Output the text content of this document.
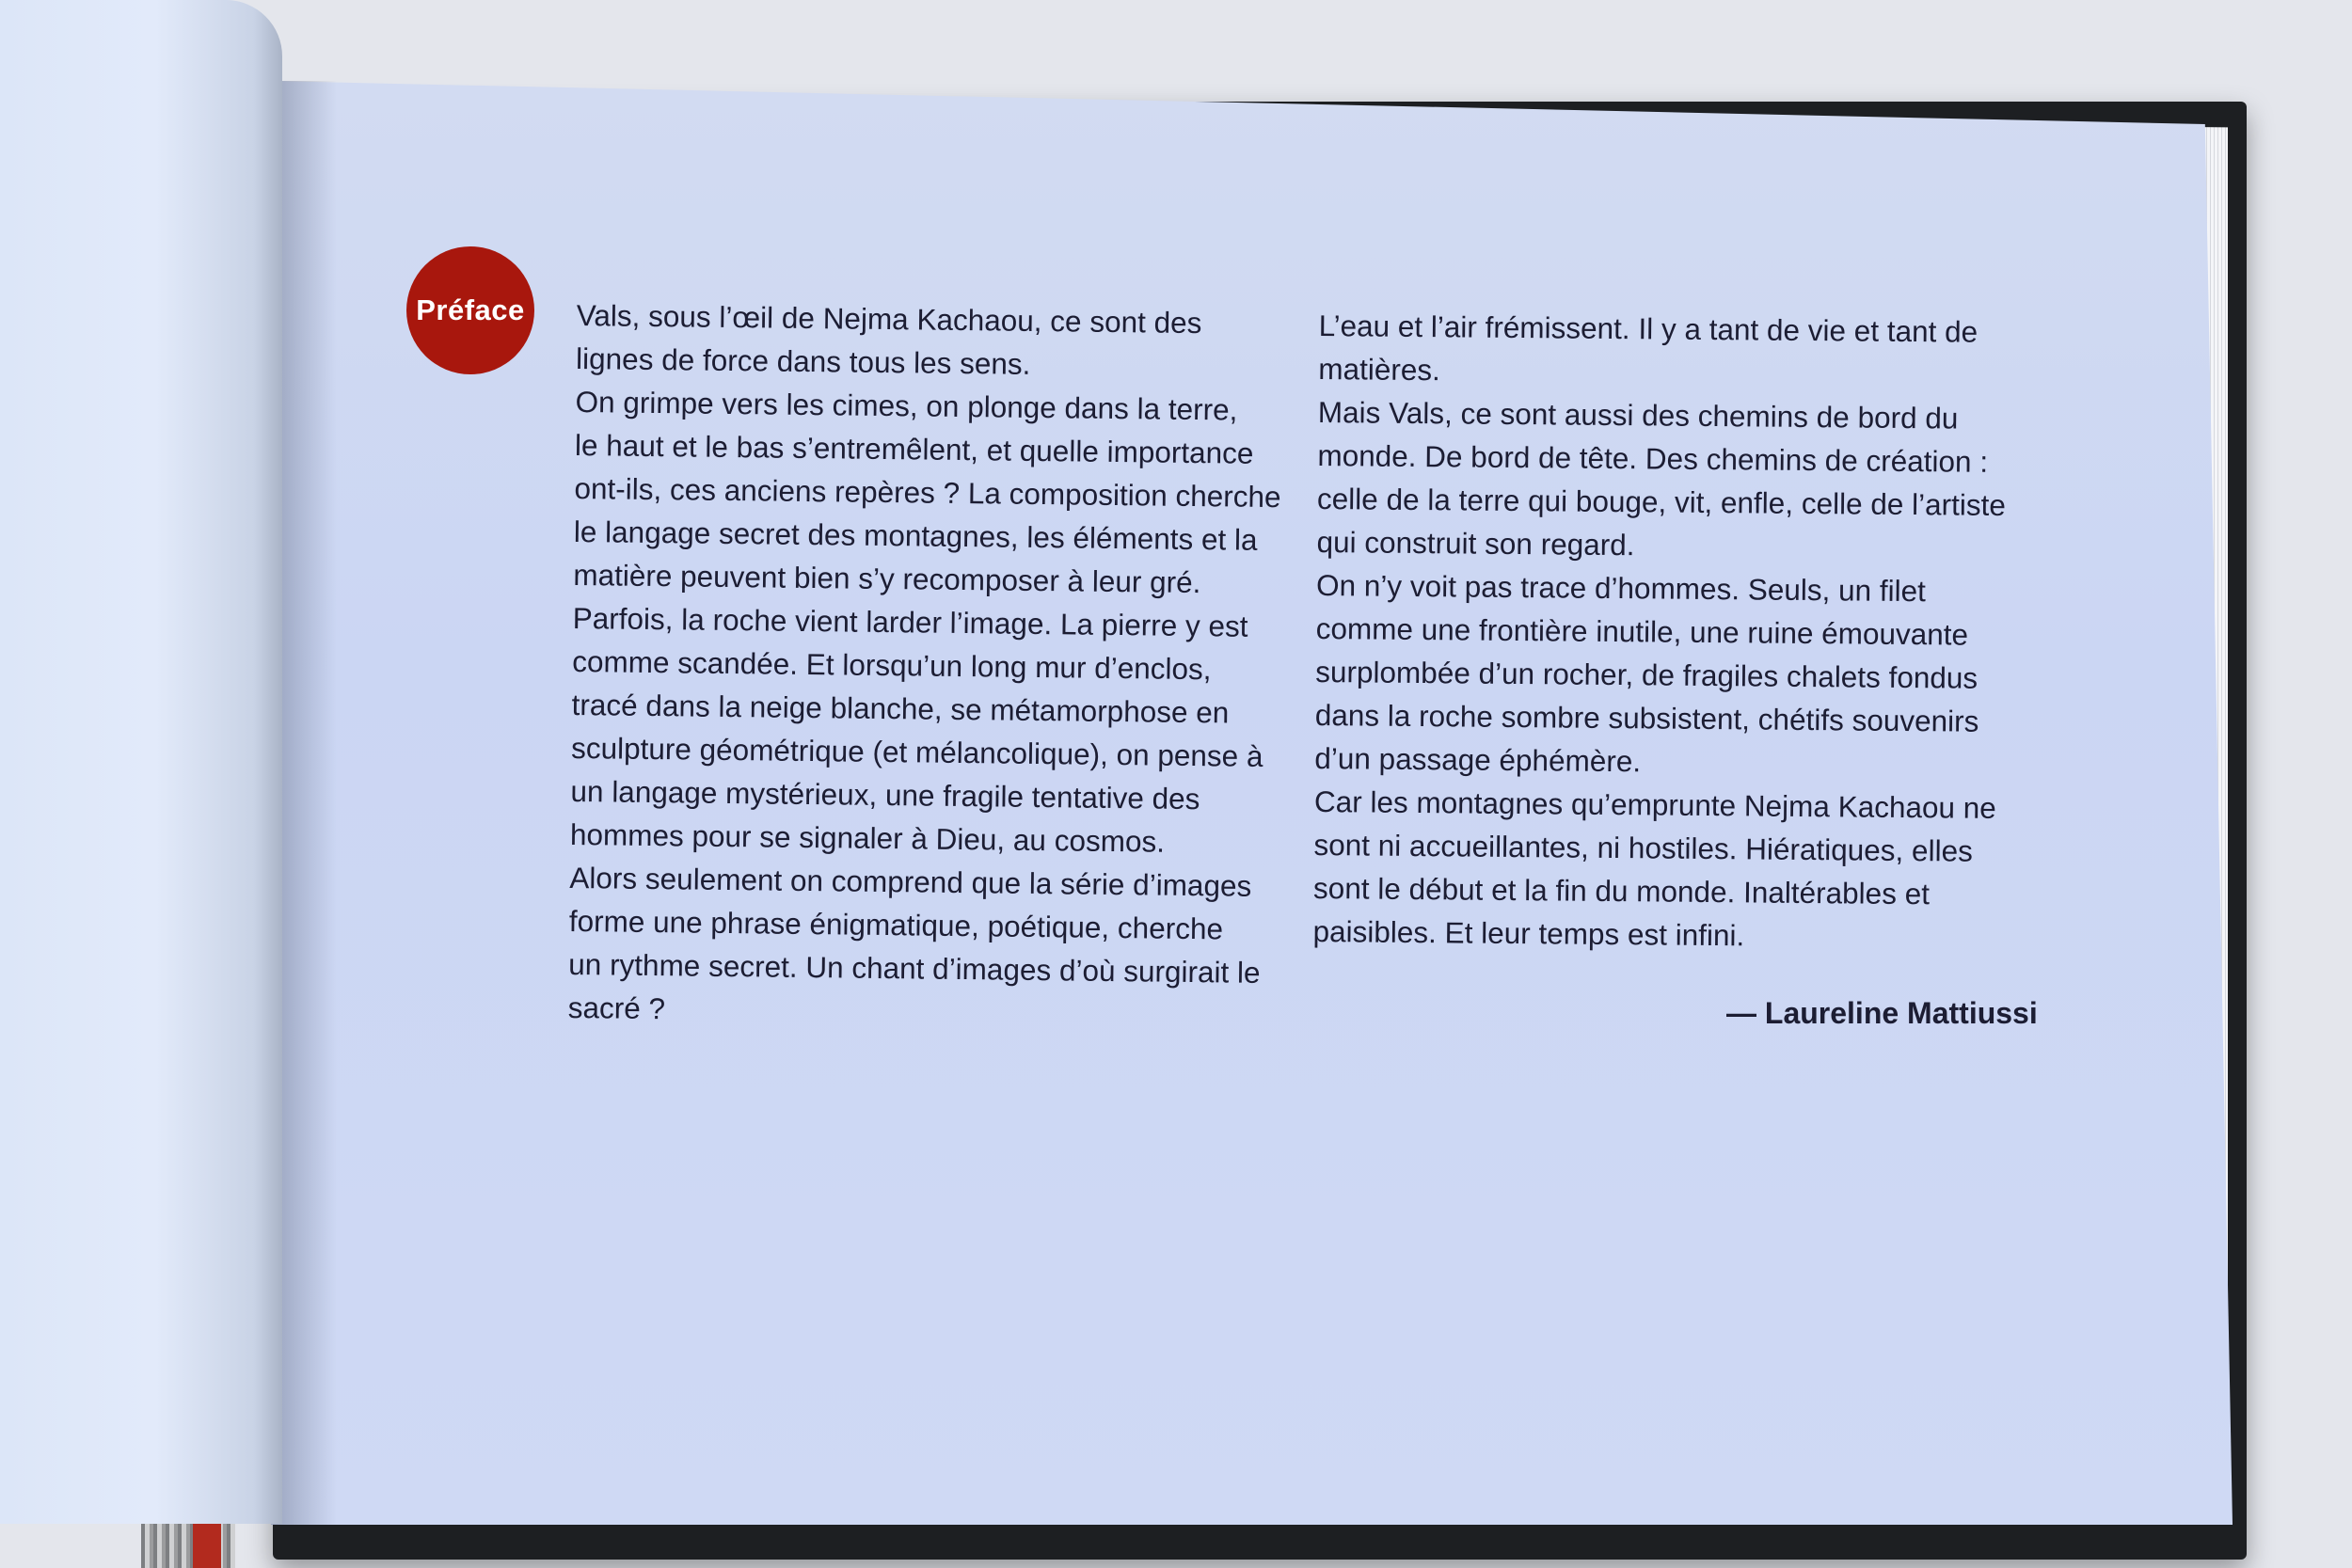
Préface Vals, sous l’œil de Nejma Kachaou, ce sont des

lignes de force dans tous les sens.

On grimpe vers les cimes, on plonge dans la terre,

le haut et le bas s’entremêlent, et quelle importance

ont-ils, ces anciens repères ? La composition cherche

le langage secret des montagnes, les éléments et la

matière peuvent bien s’y recomposer à leur gré.

Parfois, la roche vient larder l’image. La pierre y est

comme scandée. Et lorsqu’un long mur d’enclos,

tracé dans la neige blanche, se métamorphose en

sculpture géométrique (et mélancolique), on pense à

un langage mystérieux, une fragile tentative des

hommes pour se signaler à Dieu, au cosmos.

Alors seulement on comprend que la série d’images

forme une phrase énigmatique, poétique, cherche

un rythme secret. Un chant d’images d’où surgirait le

sacré ?

L’eau et l’air frémissent. Il y a tant de vie et tant de

matières.

Mais Vals, ce sont aussi des chemins de bord du

monde. De bord de tête. Des chemins de création :

celle de la terre qui bouge, vit, enfle, celle de l’artiste

qui construit son regard.

On n’y voit pas trace d’hommes. Seuls, un filet

comme une frontière inutile, une ruine émouvante

surplombée d’un rocher, de fragiles chalets fondus

dans la roche sombre subsistent, chétifs souvenirs

d’un passage éphémère.

Car les montagnes qu’emprunte Nejma Kachaou ne

sont ni accueillantes, ni hostiles. Hiératiques, elles

sont le début et la fin du monde. Inaltérables et

paisibles. Et leur temps est infini.

— Laureline Mattiussi
